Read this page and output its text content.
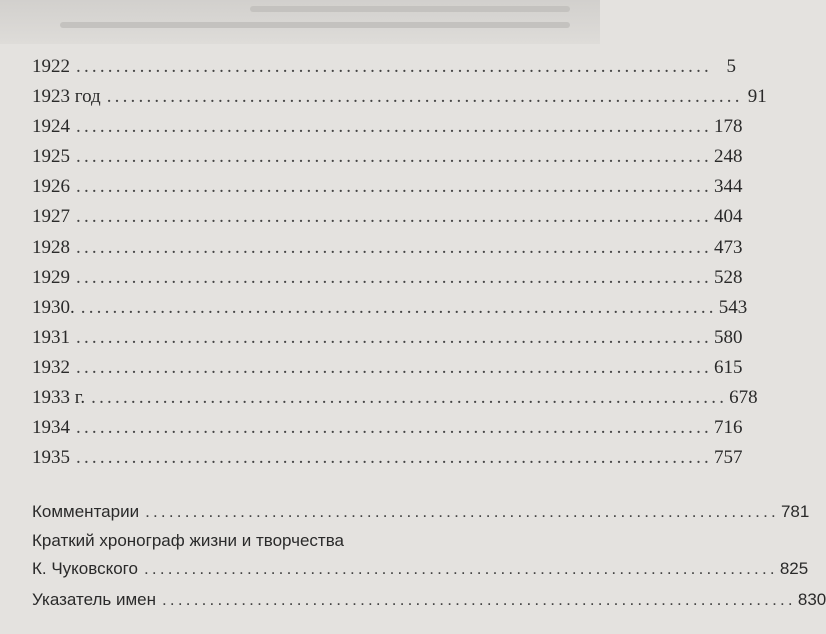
1922 ................................................................................ 5
1923 год ................................................................................ 91
1924 ................................................................................ 178
1925 ................................................................................ 248
1926 ................................................................................ 344
1927 ................................................................................ 404
1928 ................................................................................ 473
1929 ................................................................................ 528
1930. ................................................................................ 543
1931 ................................................................................ 580
1932 ................................................................................ 615
1933 г. ................................................................................ 678
1934 ................................................................................ 716
1935 ................................................................................ 757
Комментарии ................................................................................ 781
Краткий хронограф жизни и творчества
К. Чуковского ................................................................................ 825
Указатель имен ................................................................................ 830
